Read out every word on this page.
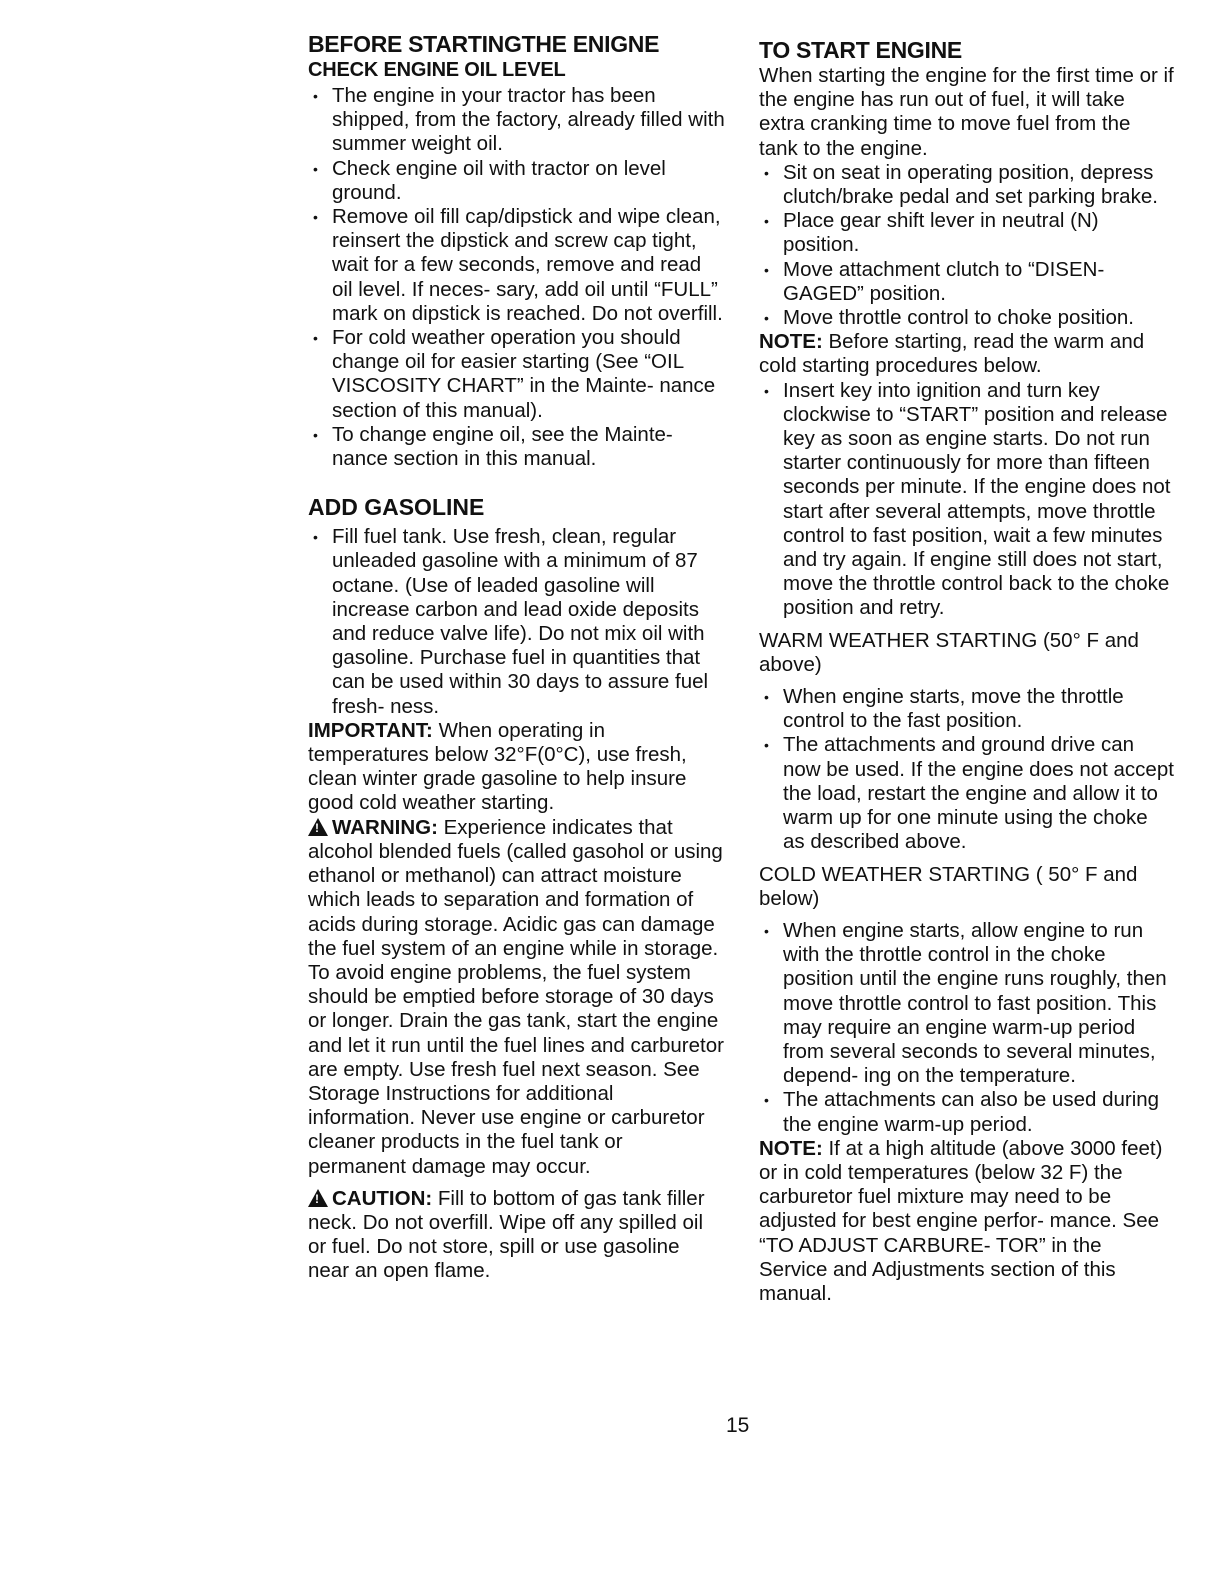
BEFORE STARTINGTHE ENIGNE
CHECK ENGINE OIL LEVEL
• The engine in your tractor has been shipped, from the factory, already filled with summer weight oil.
• Check engine oil with tractor on level ground.
• Remove oil fill cap/dipstick and wipe clean, reinsert the dipstick and screw cap tight, wait for a few seconds, remove and read oil level. If neces- sary, add oil until “FULL” mark on dipstick is reached. Do not overfill.
• For cold weather operation you should change oil for easier starting (See “OIL VISCOSITY CHART” in the Mainte- nance section of this manual).
• To change engine oil, see the Mainte- nance section in this manual.
ADD GASOLINE
• Fill fuel tank. Use fresh, clean, regular unleaded gasoline with a minimum of 87 octane. (Use of leaded gasoline will increase carbon and lead oxide deposits and reduce valve life). Do not mix oil with gasoline. Purchase fuel in quantities that can be used within 30 days to assure fuel fresh- ness.

IMPORTANT: When operating in temperatures below 32°F(0°C), use fresh, clean winter grade gasoline to help insure good cold weather starting.

!WARNING: Experience indicates that alcohol blended fuels (called gasohol or using ethanol or methanol) can attract moisture which leads to separation and formation of acids during storage. Acidic gas can damage the fuel system of an engine while in storage. To avoid engine problems, the fuel system should be emptied before storage of 30 days or longer. Drain the gas tank, start the engine and let it run until the fuel lines and carburetor are empty. Use fresh fuel next season. See Storage Instructions for additional information. Never use engine or carburetor cleaner products in the fuel tank or permanent damage may occur.

!CAUTION: Fill to bottom of gas tank filler neck. Do not overfill. Wipe off any spilled oil or fuel. Do not store, spill or use gasoline near an open flame.

TO START ENGINE

When starting the engine for the first time or if the engine has run out of fuel, it will take extra cranking time to move fuel from the tank to the engine.

• Sit on seat in operating position, depress clutch/brake pedal and set parking brake.
• Place gear shift lever in neutral (N) position.
• Move attachment clutch to “DISEN- GAGED” position.
• Move throttle control to choke position.

NOTE: Before starting, read the warm and cold starting procedures below.

• Insert key into ignition and turn key clockwise to “START” position and release key as soon as engine starts. Do not run starter continuously for more than fifteen seconds per minute. If the engine does not start after several attempts, move throttle control to fast position, wait a few minutes and try again. If engine still does not start, move the throttle control back to the choke position and retry.

WARM WEATHER STARTING (50° F and above)

• When engine starts, move the throttle control to the fast position.
• The attachments and ground drive can now be used. If the engine does not accept the load, restart the engine and allow it to warm up for one minute using the choke as described above.

COLD WEATHER STARTING ( 50° F and below)

• When engine starts, allow engine to run with the throttle control in the choke position until the engine runs roughly, then move throttle control to fast position. This may require an engine warm-up period from several seconds to several minutes, depend- ing on the temperature.
• The attachments can also be used during the engine warm-up period.

NOTE: If at a high altitude (above 3000 feet) or in cold temperatures (below 32 F) the carburetor fuel mixture may need to be adjusted for best engine perfor- mance. See “TO ADJUST CARBURE- TOR” in the Service and Adjustments section of this manual.

15
